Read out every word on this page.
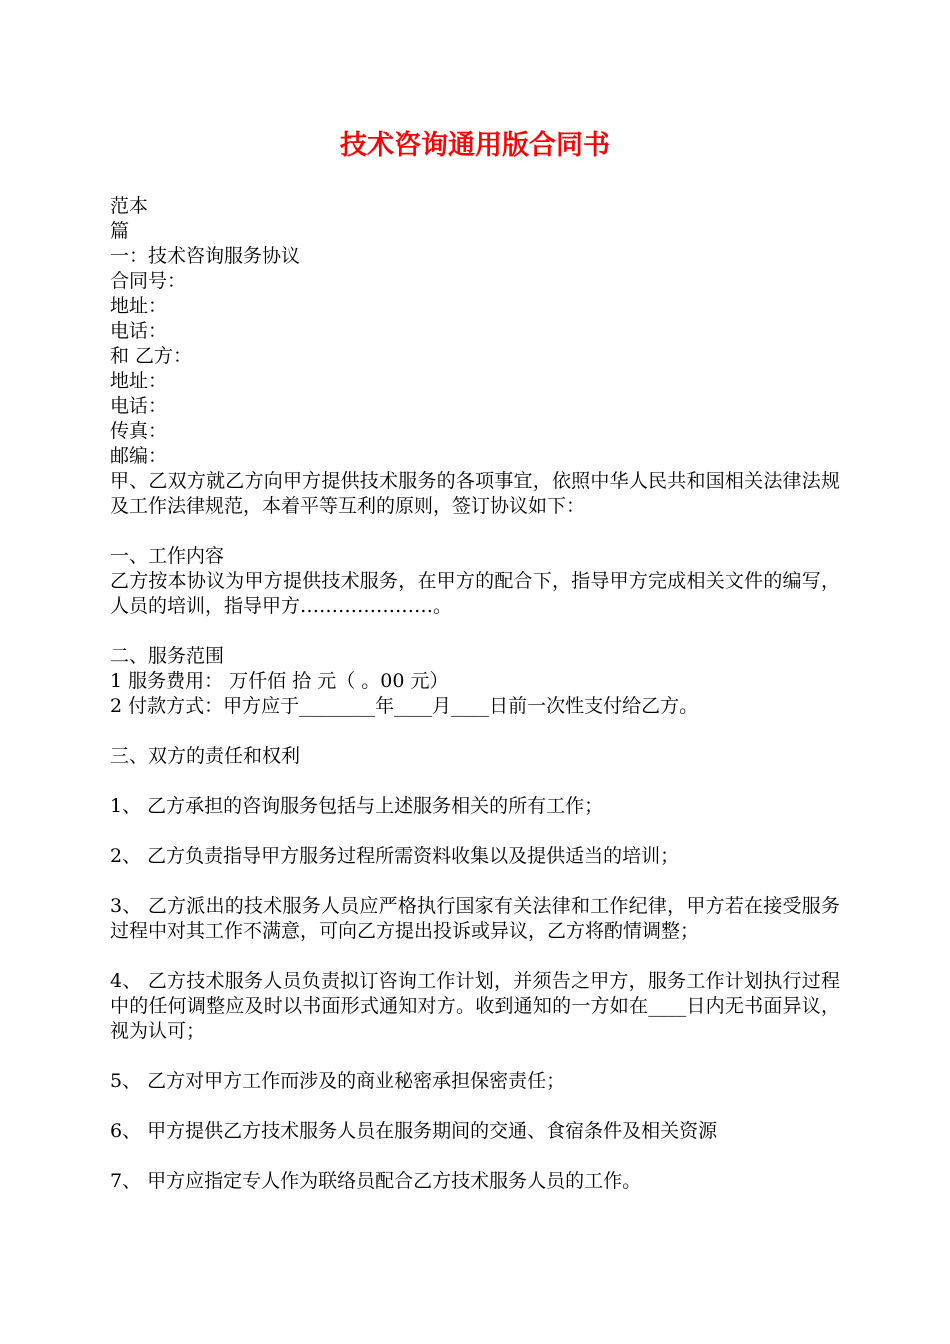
技术咨询通用版合同书
范本
篇
一：技术咨询服务协议
合同号：
地址：
电话：
和 乙方：
地址：
电话：
传真：
邮编：
甲、乙双方就乙方向甲方提供技术服务的各项事宜，依照中华人民共和国相关法律法规及工作法律规范，本着平等互利的原则，签订协议如下：
一、工作内容
乙方按本协议为甲方提供技术服务，在甲方的配合下，指导甲方完成相关文件的编写，人员的培训，指导甲方…………………。
二、服务范围
1 服务费用： 万仟佰 拾 元（ 。00 元）
2 付款方式：甲方应于________年____月____日前一次性支付给乙方。
三、双方的责任和权利
1、 乙方承担的咨询服务包括与上述服务相关的所有工作；
2、 乙方负责指导甲方服务过程所需资料收集以及提供适当的培训；
3、 乙方派出的技术服务人员应严格执行国家有关法律和工作纪律，甲方若在接受服务过程中对其工作不满意，可向乙方提出投诉或异议，乙方将酌情调整；
4、 乙方技术服务人员负责拟订咨询工作计划，并须告之甲方，服务工作计划执行过程中的任何调整应及时以书面形式通知对方。收到通知的一方如在____日内无书面异议，视为认可；
5、 乙方对甲方工作而涉及的商业秘密承担保密责任；
6、 甲方提供乙方技术服务人员在服务期间的交通、食宿条件及相关资源
7、 甲方应指定专人作为联络员配合乙方技术服务人员的工作。
